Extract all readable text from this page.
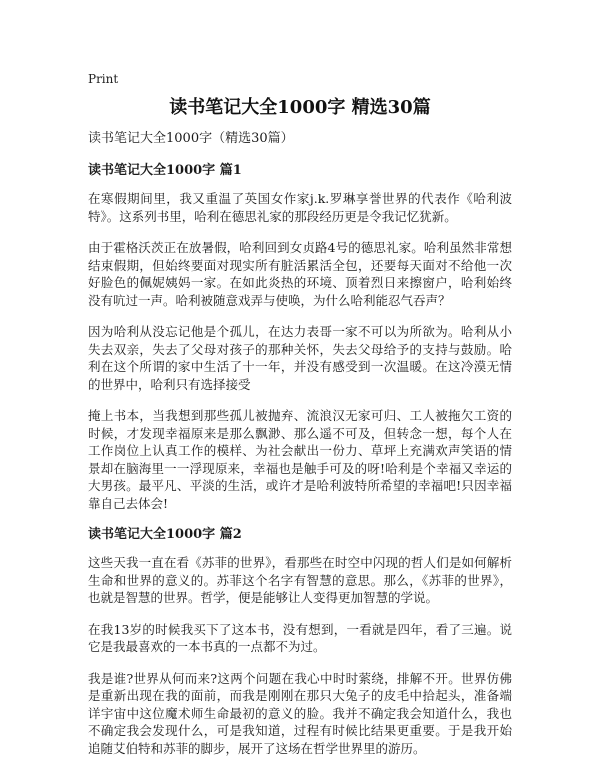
Print
读书笔记大全1000字 精选30篇
读书笔记大全1000字（精选30篇）
读书笔记大全1000字 篇1

在寒假期间里，我又重温了英国女作家j.k.罗琳享誉世界的代表作《哈利波特》。这系列书里，哈利在德思礼家的那段经历更是令我记忆犹新。

由于霍格沃茨正在放暑假，哈利回到女贞路4号的德思礼家。哈利虽然非常想结束假期，但始终要面对现实所有脏活累活全包，还要每天面对不给他一次好脸色的佩妮姨妈一家。在如此炎热的环境、顶着烈日来擦窗户，哈利始终没有吭过一声。哈利被随意戏弄与使唤，为什么哈利能忍气吞声？

因为哈利从没忘记他是个孤儿，在达力表哥一家不可以为所欲为。哈利从小失去双亲，失去了父母对孩子的那种关怀，失去父母给予的支持与鼓励。哈利在这个所谓的家中生活了十一年，并没有感受到一次温暖。在这冷漠无情的世界中，哈利只有选择接受

掩上书本，当我想到那些孤儿被抛弃、流浪汉无家可归、工人被拖欠工资的时候，才发现幸福原来是那么飘渺、那么遥不可及，但转念一想，每个人在工作岗位上认真工作的模样、为社会献出一份力、草坪上充满欢声笑语的情景却在脑海里一一浮现原来，幸福也是触手可及的呀!哈利是个幸福又幸运的大男孩。最平凡、平淡的生活，或许才是哈利波特所希望的幸福吧!只因幸福靠自己去体会!

读书笔记大全1000字 篇2

这些天我一直在看《苏菲的世界》，看那些在时空中闪现的哲人们是如何解析生命和世界的意义的。苏菲这个名字有智慧的意思。那么，《苏菲的世界》，也就是智慧的世界。哲学，便是能够让人变得更加智慧的学说。

在我13岁的时候我买下了这本书，没有想到，一看就是四年，看了三遍。说它是我最喜欢的一本书真的一点都不为过。

我是谁?世界从何而来?这两个问题在我心中时时萦绕，排解不开。世界仿佛是重新出现在我的面前，而我是刚刚在那只大兔子的皮毛中拾起头，准备端详宇宙中这位魔术师生命最初的意义的脸。我并不确定我会知道什么，我也不确定我会发现什么，可是我知道，过程有时候比结果更重要。于是我开始追随艾伯特和苏菲的脚步，展开了这场在哲学世界里的游历。
